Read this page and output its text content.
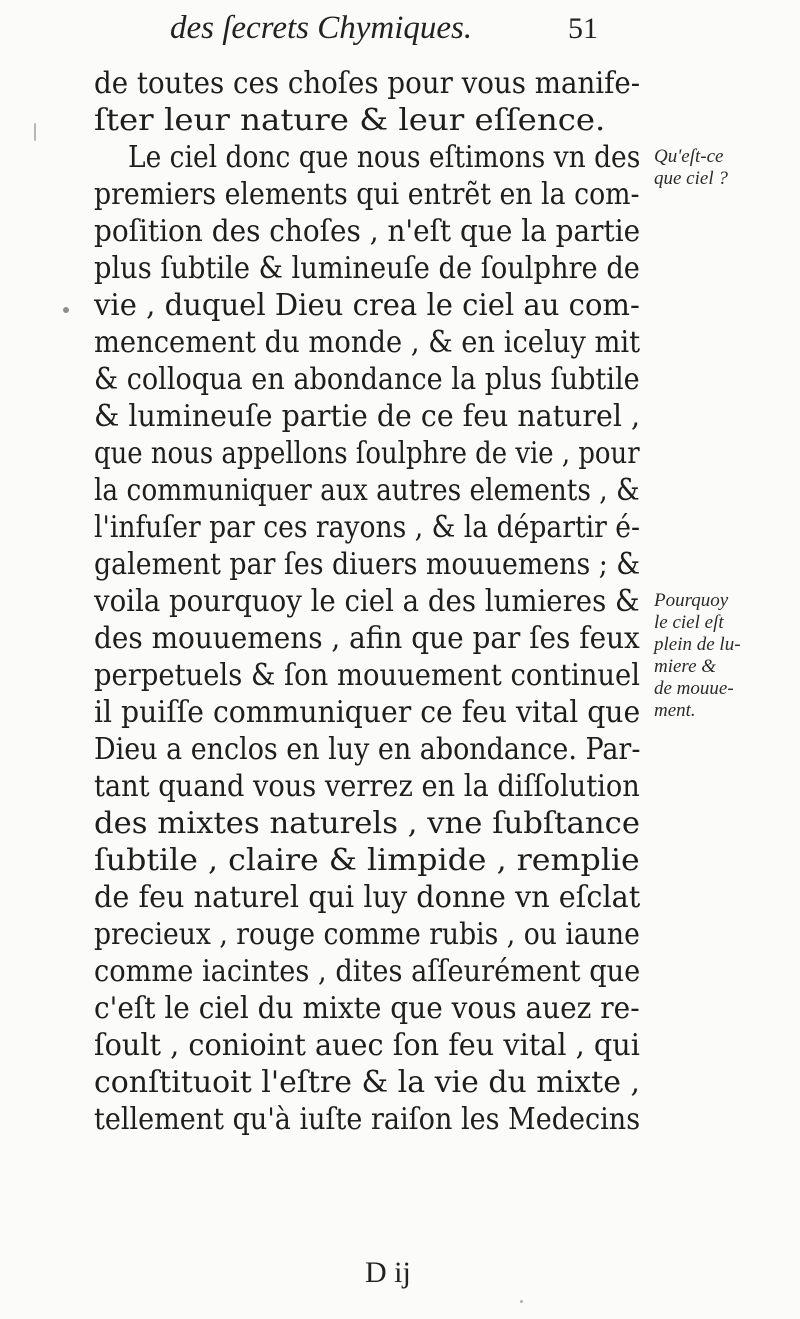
des ſecrets Chymiques.	51
de toutes ces choſes pour vous manife-
ſter leur nature & leur eſſence.
Le ciel donc que nous eſtimons vn des
premiers elements qui entrẽt en la com-
poſition des choſes , n'eſt que la partie
plus ſubtile & lumineuſe de ſoulphre de
vie , duquel Dieu crea le ciel au com-
mencement du monde , & en iceluy mit
& colloqua en abondance la plus ſubtile
& lumineuſe partie de ce feu naturel ,
que nous appellons ſoulphre de vie , pour
la communiquer aux autres elements , &
l'infuſer par ces rayons , & la départir é-
galement par ſes diuers mouuemens ; &
voila pourquoy le ciel a des lumieres &
des mouuemens , afin que par ſes feux
perpetuels & ſon mouuement continuel
il puiſſe communiquer ce feu vital que
Dieu a enclos en luy en abondance. Par-
tant quand vous verrez en la diſſolution
des mixtes naturels , vne ſubſtance
ſubtile , claire & limpide , remplie
de feu naturel qui luy donne vn eſclat
precieux , rouge comme rubis , ou iaune
comme iacintes , dites aſſeurément que
c'eſt le ciel du mixte que vous auez re-
ſoult , conioint auec ſon feu vital , qui
conſtituoit l'eſtre & la vie du mixte ,
tellement qu'à iuſte raiſon les Medecins
Qu'eſt-ce
que ciel ?
Pourquoy
le ciel eſt
plein de lu-
miere &
de mouue-
ment.
D ij
